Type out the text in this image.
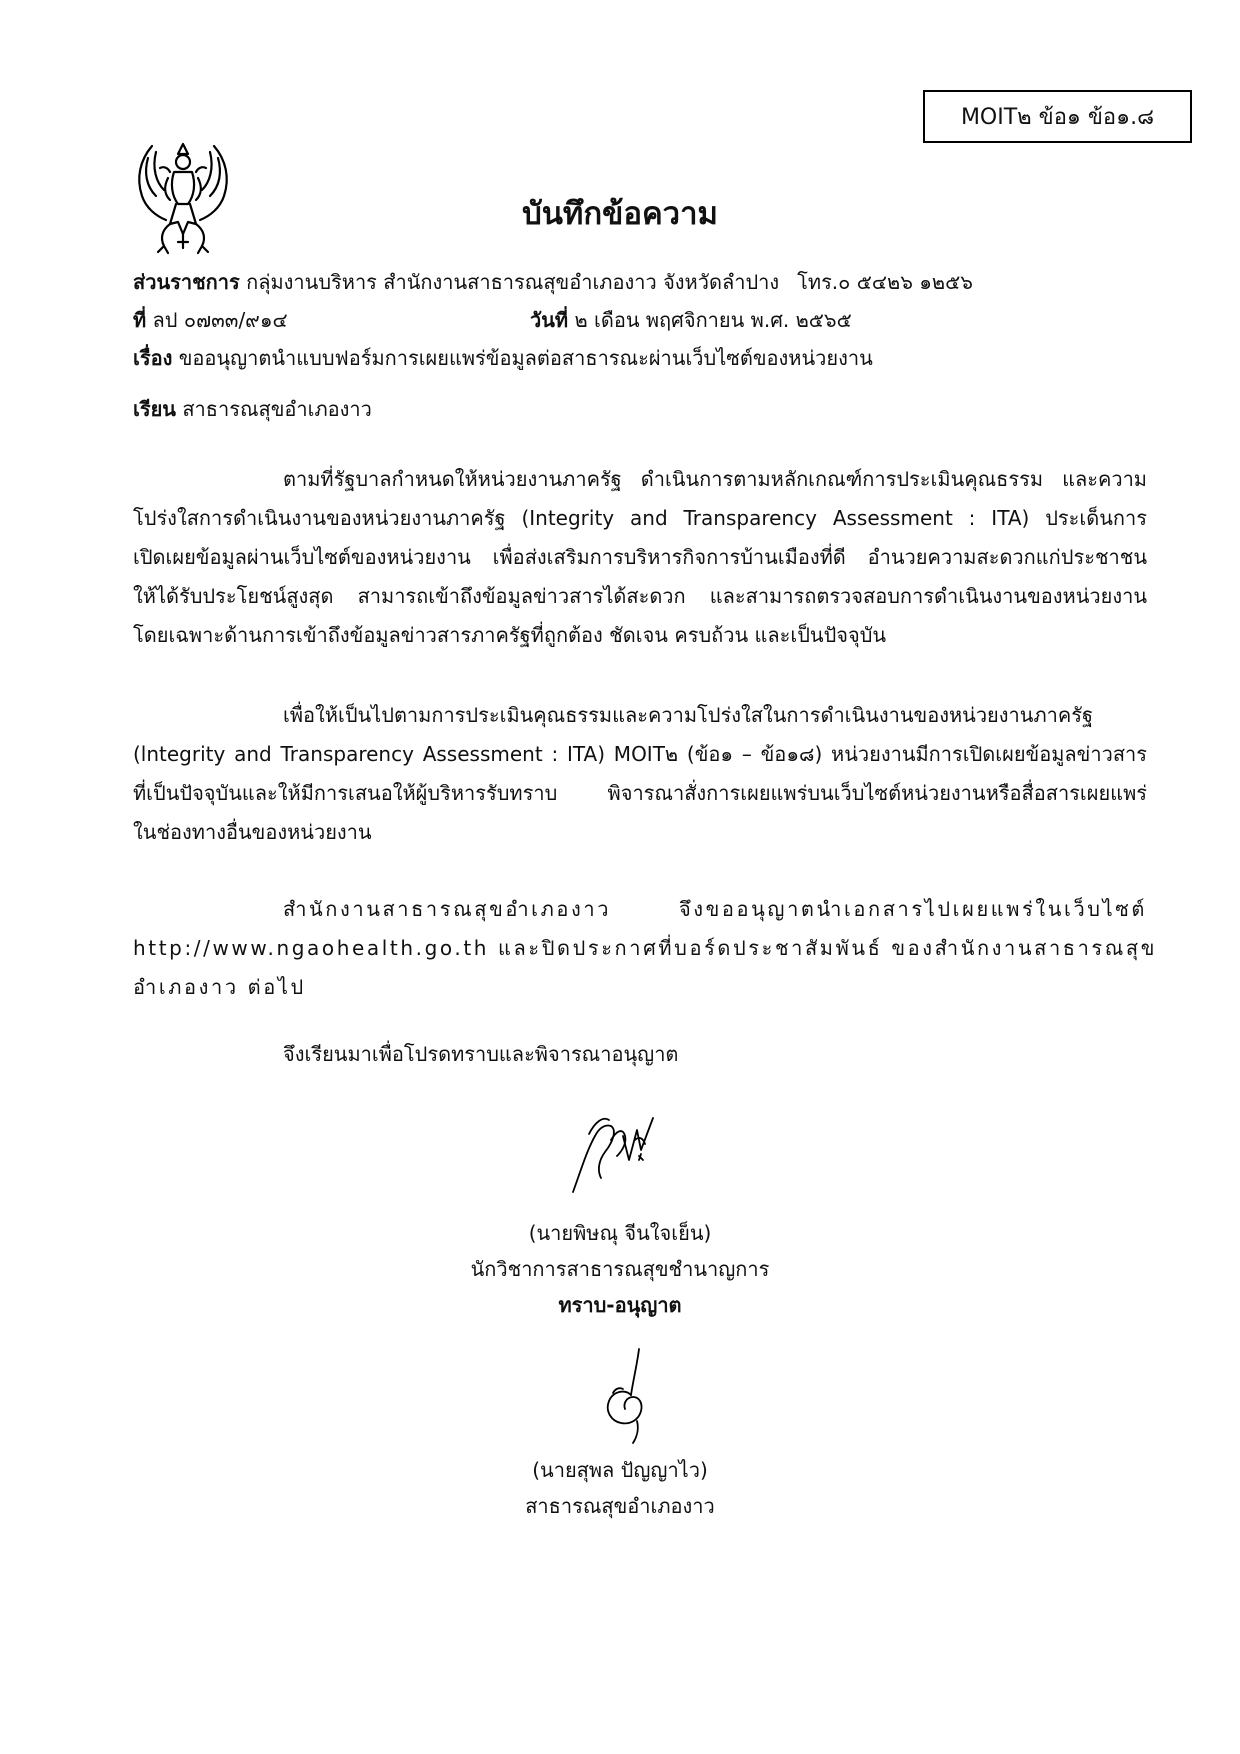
MOIT๒ ข้อ๑ ข้อ๑.๘
บันทึกข้อความ
ส่วนราชการ กลุ่มงานบริหาร สำนักงานสาธารณสุขอำเภองาว จังหวัดลำปาง โทร.๐ ๕๔๒๖ ๑๒๕๖
ที่ ลป ๐๗๓๓/๙๑๔	วันที่ ๒ เดือน พฤศจิกายน พ.ศ. ๒๕๖๕
เรื่อง ขออนุญาตนำแบบฟอร์มการเผยแพร่ข้อมูลต่อสาธารณะผ่านเว็บไซต์ของหน่วยงาน
เรียน สาธารณสุขอำเภองาว
ตามที่รัฐบาลกำหนดให้หน่วยงานภาครัฐ ดำเนินการตามหลักเกณฑ์การประเมินคุณธรรม และความ
โปร่งใสการดำเนินงานของหน่วยงานภาครัฐ (Integrity and Transparency Assessment : ITA) ประเด็นการ
เปิดเผยข้อมูลผ่านเว็บไซต์ของหน่วยงาน เพื่อส่งเสริมการบริหารกิจการบ้านเมืองที่ดี อำนวยความสะดวกแก่ประชาชน
ให้ได้รับประโยชน์สูงสุด สามารถเข้าถึงข้อมูลข่าวสารได้สะดวก และสามารถตรวจสอบการดำเนินงานของหน่วยงาน
โดยเฉพาะด้านการเข้าถึงข้อมูลข่าวสารภาครัฐที่ถูกต้อง ชัดเจน ครบถ้วน และเป็นปัจจุบัน
เพื่อให้เป็นไปตามการประเมินคุณธรรมและความโปร่งใสในการดำเนินงานของหน่วยงานภาครัฐ
(lntegrity and Transparency Assessment : ITA) MOIT๒ (ข้อ๑ – ข้อ๑๘) หน่วยงานมีการเปิดเผยข้อมูลข่าวสาร
ที่เป็นปัจจุบันและให้มีการเสนอให้ผู้บริหารรับทราบ พิจารณาสั่งการเผยแพร่บนเว็บไซต์หน่วยงานหรือสื่อสารเผยแพร่
ในช่องทางอื่นของหน่วยงาน
สำนักงานสาธารณสุขอำเภองาว จึงขออนุญาตนำเอกสารไปเผยแพร่ในเว็บไซต์
http://www.ngaohealth.go.th และปิดประกาศที่บอร์ดประชาสัมพันธ์ ของสำนักงานสาธารณสุข
อำเภองาว ต่อไป
จึงเรียนมาเพื่อโปรดทราบและพิจารณาอนุญาต
(นายพิษณุ จีนใจเย็น)
นักวิชาการสาธารณสุขชำนาญการ
ทราบ-อนุญาต
(นายสุพล ปัญญาไว)
สาธารณสุขอำเภองาว
